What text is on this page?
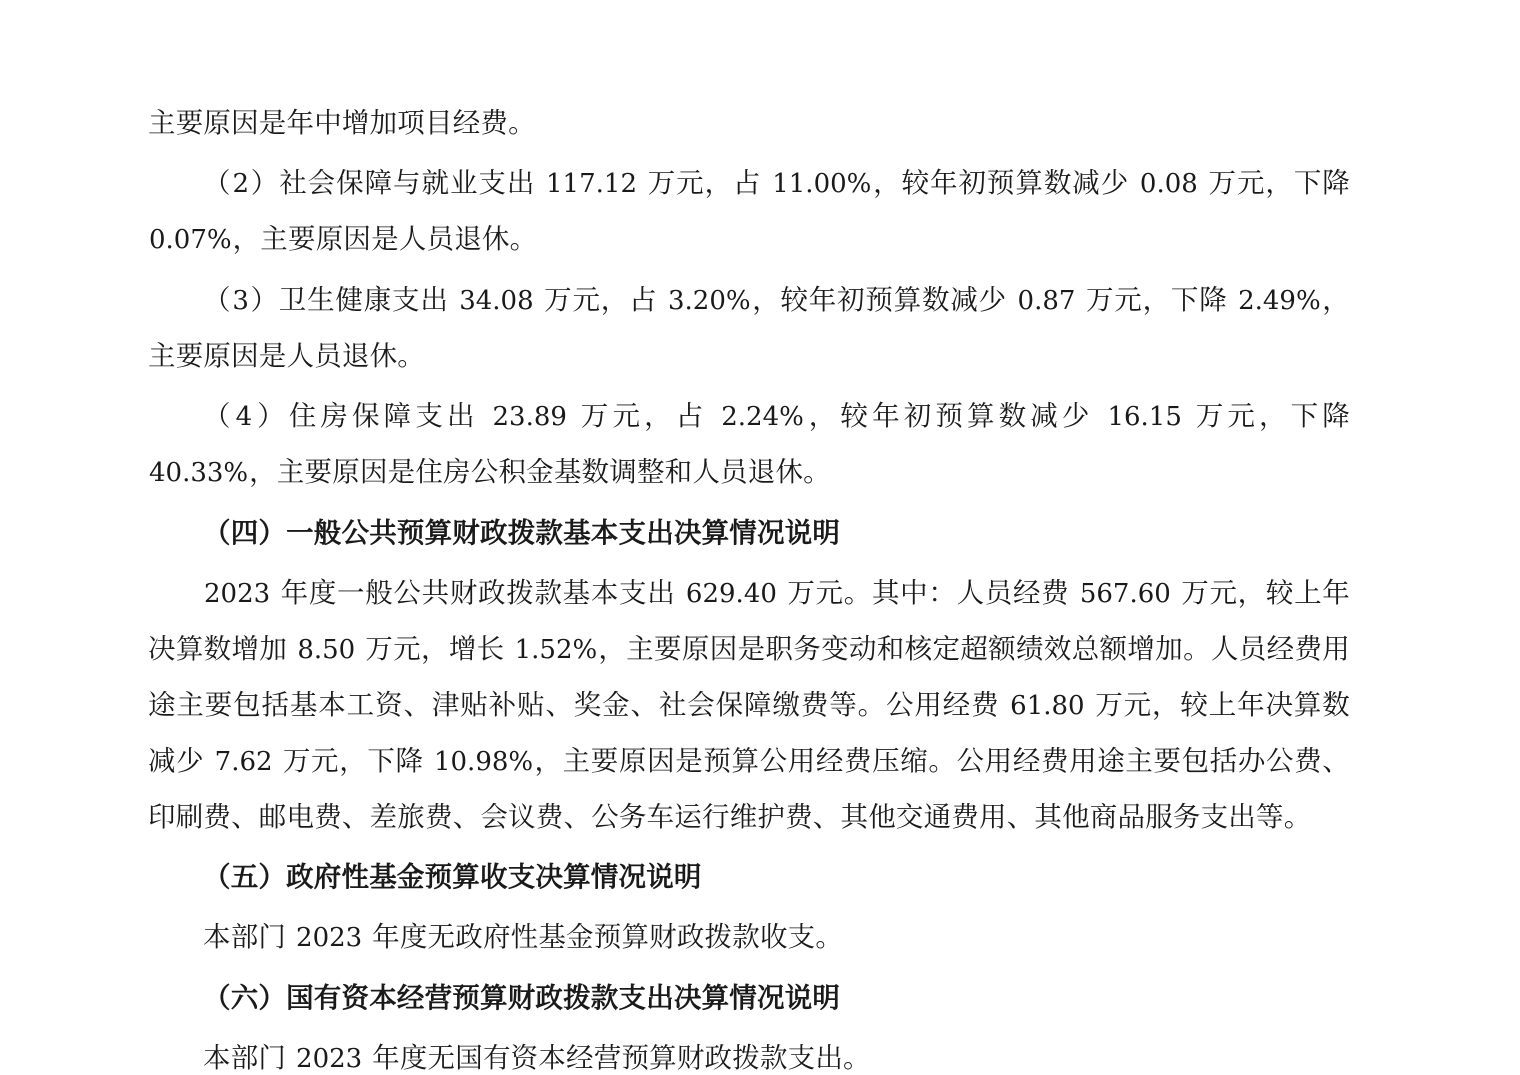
主要原因是年中增加项目经费。

（2）社会保障与就业支出 117.12 万元，占 11.00%，较年初预算数减少 0.08 万元，下降 0.07%，主要原因是人员退休。

（3）卫生健康支出 34.08 万元，占 3.20%，较年初预算数减少 0.87 万元，下降 2.49%，主要原因是人员退休。

（4）住房保障支出 23.89 万元，占 2.24%，较年初预算数减少 16.15 万元，下降 40.33%，主要原因是住房公积金基数调整和人员退休。

（四）一般公共预算财政拨款基本支出决算情况说明

2023 年度一般公共财政拨款基本支出 629.40 万元。其中：人员经费 567.60 万元，较上年决算数增加 8.50 万元，增长 1.52%，主要原因是职务变动和核定超额绩效总额增加。人员经费用途主要包括基本工资、津贴补贴、奖金、社会保障缴费等。公用经费 61.80 万元，较上年决算数减少 7.62 万元，下降 10.98%，主要原因是预算公用经费压缩。公用经费用途主要包括办公费、印刷费、邮电费、差旅费、会议费、公务车运行维护费、其他交通费用、其他商品服务支出等。

（五）政府性基金预算收支决算情况说明

本部门 2023 年度无政府性基金预算财政拨款收支。

（六）国有资本经营预算财政拨款支出决算情况说明

本部门 2023 年度无国有资本经营预算财政拨款支出。
